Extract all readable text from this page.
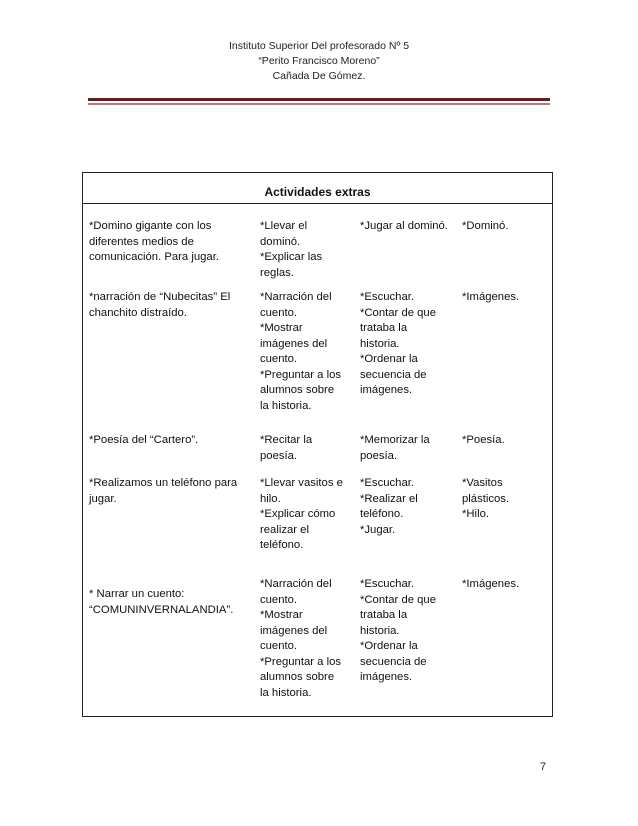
Instituto Superior Del profesorado Nº 5
“Perito Francisco Moreno”
Cañada De Gómez.
Actividades extras
*Domino gigante con los diferentes medios de comunicación. Para jugar.
*Llevar el dominó.
*Explicar las reglas.
*Jugar al dominó. *Dominó.
*narración de “Nubecitas” El chanchito distraído.
*Narración del cuento.
*Mostrar imágenes del cuento.
*Preguntar a los alumnos sobre la historia.
*Escuchar.
*Contar de que trataba la historia.
*Ordenar la secuencia de imágenes.
*Imágenes.
*Poesía del “Cartero”.	*Recitar la poesía.
*Memorizar la poesía.
*Poesía.
*Realizamos un teléfono para jugar.
*Llevar vasitos e hilo.
*Explicar cómo realizar el teléfono.
*Escuchar.
*Realizar el teléfono.
*Jugar.
*Vasitos plásticos.
*Hilo.
* Narrar un cuento: “COMUNINVERNALANDIA”.
*Narración del cuento.
*Mostrar imágenes del cuento.
*Preguntar a los alumnos sobre la historia.
*Escuchar.
*Contar de que trataba la historia.
*Ordenar la secuencia de imágenes.
*Imágenes.
7
